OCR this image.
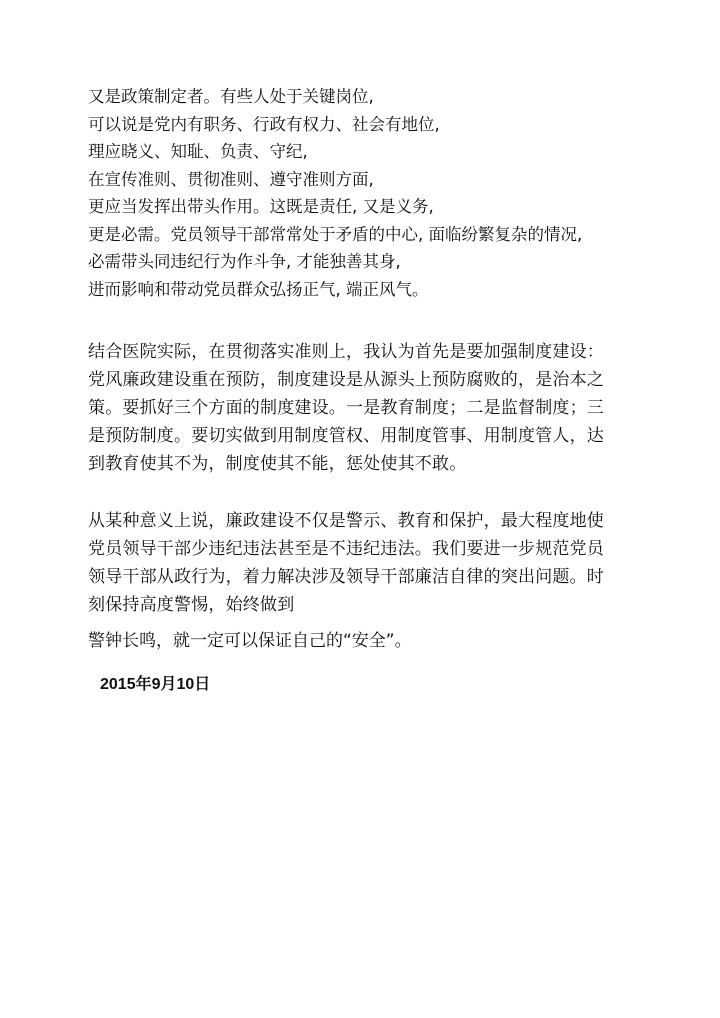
又是政策制定者。有些人处于关键岗位,
可以说是党内有职务、行政有权力、社会有地位,
理应晓义、知耻、负责、守纪,
在宣传准则、贯彻准则、遵守准则方面,
更应当发挥出带头作用。这既是责任, 又是义务,
更是必需。党员领导干部常常处于矛盾的中心, 面临纷繁复杂的情况,
必需带头同违纪行为作斗争, 才能独善其身,
进而影响和带动党员群众弘扬正气, 端正风气。
结合医院实际，在贯彻落实准则上，我认为首先是要加强制度建设：
党风廉政建设重在预防，制度建设是从源头上预防腐败的，是治本之
策。要抓好三个方面的制度建设。一是教育制度；二是监督制度；三
是预防制度。要切实做到用制度管权、用制度管事、用制度管人，达
到教育使其不为，制度使其不能，惩处使其不敢。
从某种意义上说，廉政建设不仅是警示、教育和保护，最大程度地使
党员领导干部少违纪违法甚至是不违纪违法。我们要进一步规范党员
领导干部从政行为，着力解决涉及领导干部廉洁自律的突出问题。时
刻保持高度警惕，始终做到
警钟长鸣，就一定可以保证自己的“安全”。
2015年9月10日
